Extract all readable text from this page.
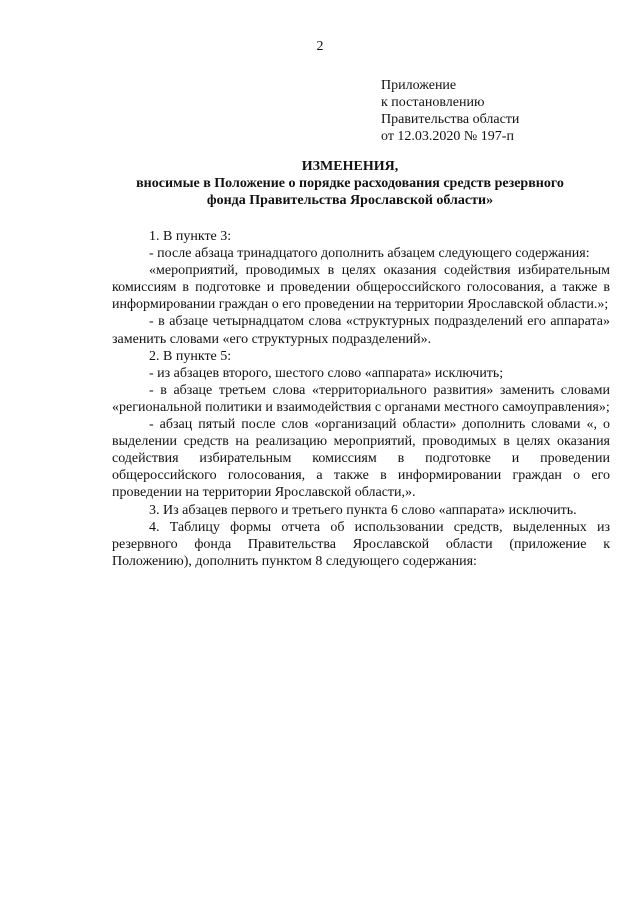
2
Приложение
к постановлению
Правительства области
от 12.03.2020 № 197-п
ИЗМЕНЕНИЯ,
вносимые в Положение о порядке расходования средств резервного
фонда Правительства Ярославской области»

1. В пункте 3:

- после абзаца тринадцатого дополнить абзацем следующего содержания:

«мероприятий, проводимых в целях оказания содействия избирательным комиссиям в подготовке и проведении общероссийского голосования, а также в информировании граждан о его проведении на территории Ярославской области.»;

- в абзаце четырнадцатом слова «структурных подразделений его аппарата» заменить словами «его структурных подразделений».

2. В пункте 5:

- из абзацев второго, шестого слово «аппарата» исключить;

- в абзаце третьем слова «территориального развития» заменить словами «региональной политики и взаимодействия с органами местного самоуправления»;

- абзац пятый после слов «организаций области» дополнить словами «, о выделении средств на реализацию мероприятий, проводимых в целях оказания содействия избирательным комиссиям в подготовке и проведении общероссийского голосования, а также в информировании граждан о его проведении на территории Ярославской области,».

3. Из абзацев первого и третьего пункта 6 слово «аппарата» исключить.

4. Таблицу формы отчета об использовании средств, выделенных из резервного фонда Правительства Ярославской области (приложение к Положению), дополнить пунктом 8 следующего содержания:
